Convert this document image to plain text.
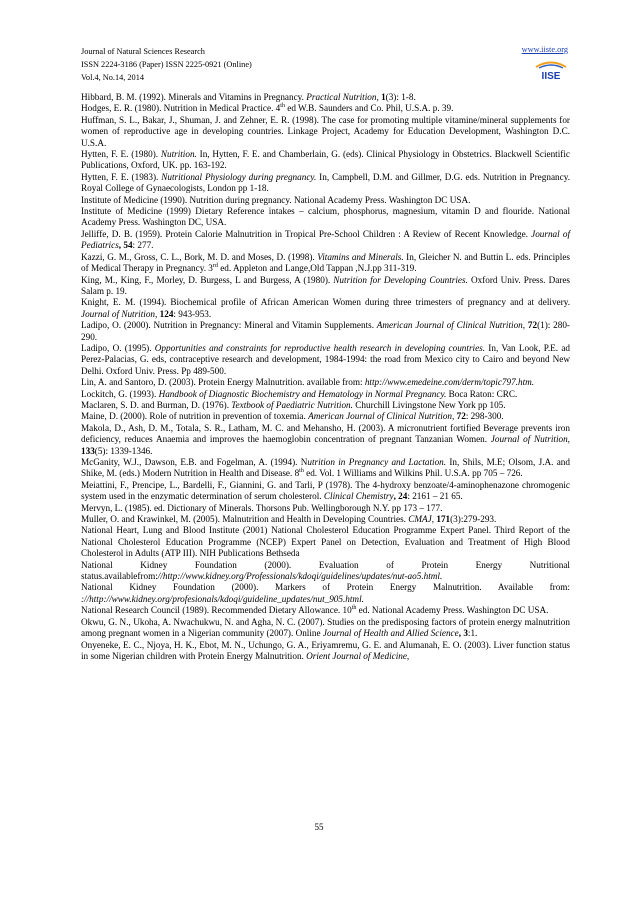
Journal of Natural Sciences Research
ISSN 2224-3186 (Paper) ISSN 2225-0921 (Online)
Vol.4, No.14, 2014
www.iiste.org
IISE

Hibbard, B. M. (1992). Minerals and Vitamins in Pregnancy. Practical Nutrition, 1(3): 1-8.

Hodges, E. R. (1980). Nutrition in Medical Practice. 4th ed W.B. Saunders and Co. Phil, U.S.A. p. 39.

Huffman, S. L., Bakar, J., Shuman, J. and Zehner, E. R. (1998). The case for promoting multiple vitamine/mineral supplements for women of reproductive age in developing countries. Linkage Project, Academy for Education Development, Washington D.C. U.S.A.

Hytten, F. E. (1980). Nutrition. In, Hytten, F. E. and Chamberlain, G. (eds). Clinical Physiology in Obstetrics. Blackwell Scientific Publications, Oxford, UK. pp. 163-192.

Hytten, F. E. (1983). Nutritional Physiology during pregnancy. In, Campbell, D.M. and Gillmer, D.G. eds. Nutrition in Pregnancy. Royal College of Gynaecologists, London pp 1-18.

Institute of Medicine (1990). Nutrition during pregnancy. National Academy Press. Washington DC USA.

Institute of Medicine (1999) Dietary Reference intakes – calcium, phosphorus, magnesium, vitamin D and flouride. National Academy Press. Washington DC, USA.

Jelliffe, D. B. (1959). Protein Calorie Malnutrition in Tropical Pre-School Children : A Review of Recent Knowledge. Journal of Pediatrics, 54: 277.

Kazzi, G. M., Gross, C. L., Bork, M. D. and Moses, D. (1998). Vitamins and Minerals. In, Gleicher N. and Buttin L. eds. Principles of Medical Therapy in Pregnancy. 3rd ed. Appleton and Lange,Old Tappan ,N.J.pp 311-319.

King, M., King, F., Morley, D. Burgess, L and Burgess, A (1980). Nutrition for Developing Countries. Oxford Univ. Press. Dares Salam p. 19.

Knight, E. M. (1994). Biochemical profile of African American Women during three trimesters of pregnancy and at delivery. Journal of Nutrition, 124: 943-953.

Ladipo, O. (2000). Nutrition in Pregnancy: Mineral and Vitamin Supplements. American Journal of Clinical Nutrition, 72(1): 280-290.

Ladipo, O. (1995). Opportunities and constraints for reproductive health research in developing countries. In, Van Look, P.E. ad Perez-Palacias, G. eds, contraceptive research and development, 1984-1994: the road from Mexico city to Cairo and beyond New Delhi. Oxford Univ. Press. Pp 489-500.

Lin, A. and Santoro, D. (2003). Protein Energy Malnutrition. available from: http://www.emedeine.com/derm/topic797.htm.

Lockitch, G. (1993). Handbook of Diagnostic Biochemistry and Hematology in Normal Pregnancy. Boca Raton: CRC.

Maclaren, S. D. and Burman, D. (1976). Textbook of Paediatric Nutrition. Churchill Livingstone New York pp 105.

Maine, D. (2000). Role of nutrition in prevention of toxemia. American Journal of Clinical Nutrition, 72: 298-300.

Makola, D., Ash, D. M., Totala, S. R., Latham, M. C. and Mehansho, H. (2003). A micronutrient fortified Beverage prevents iron deficiency, reduces Anaemia and improves the haemoglobin concentration of pregnant Tanzanian Women. Journal of Nutrition, 133(5): 1339-1346.

McGanity, W.J., Dawson, E.B. and Fogelman, A. (1994). Nutrition in Pregnancy and Lactation. In, Shils, M.E; Olsom, J.A. and Shike, M. (eds.) Modern Nutrition in Health and Disease. 8th ed. Vol. 1 Williams and Wilkins Phil. U.S.A. pp 705 – 726.

Meiattini, F., Prencipe, L., Bardelli, F., Giannini, G. and Tarli, P (1978). The 4-hydroxy benzoate/4-aminophenazone chromogenic system used in the enzymatic determination of serum cholesterol. Clinical Chemistry, 24: 2161 – 21 65.

Mervyn, L. (1985). ed. Dictionary of Minerals. Thorsons Pub. Wellingborough N.Y. pp 173 – 177.

Muller, O. and Krawinkel, M. (2005). Malnutrition and Health in Developing Countries. CMAJ, 171(3):279-293.

National Heart, Lung and Blood Institute (2001) National Cholesterol Education Programme Expert Panel. Third Report of the National Cholesterol Education Programme (NCEP) Expert Panel on Detection, Evaluation and Treatment of High Blood Cholesterol in Adults (ATP III). NIH Publications Bethseda

National Kidney Foundation (2000). Evaluation of Protein Energy Nutritional status.availablefrom://http://www.kidney.org/Professionals/kdoqi/guidelines/updates/nut-ao5.html.

National Kidney Foundation (2000). Markers of Protein Energy Malnutrition. Available from: ://http://www.kidney.org/profesionals/kdoqi/guideline_updates/nut_905.html.

National Research Council (1989). Recommended Dietary Allowance. 10th ed. National Academy Press. Washington DC USA.

Okwu, G. N., Ukoha, A. Nwachukwu, N. and Agha, N. C. (2007). Studies on the predisposing factors of protein energy malnutrition among pregnant women in a Nigerian community (2007). Online Journal of Health and Allied Science, 3:1.

Onyeneke, E. C., Njoya, H. K., Ebot, M. N., Uchungo, G. A., Eriyamremu, G. E. and Alumanah, E. O. (2003). Liver function status in some Nigerian children with Protein Energy Malnutrition. Orient Journal of Medicine,

55
